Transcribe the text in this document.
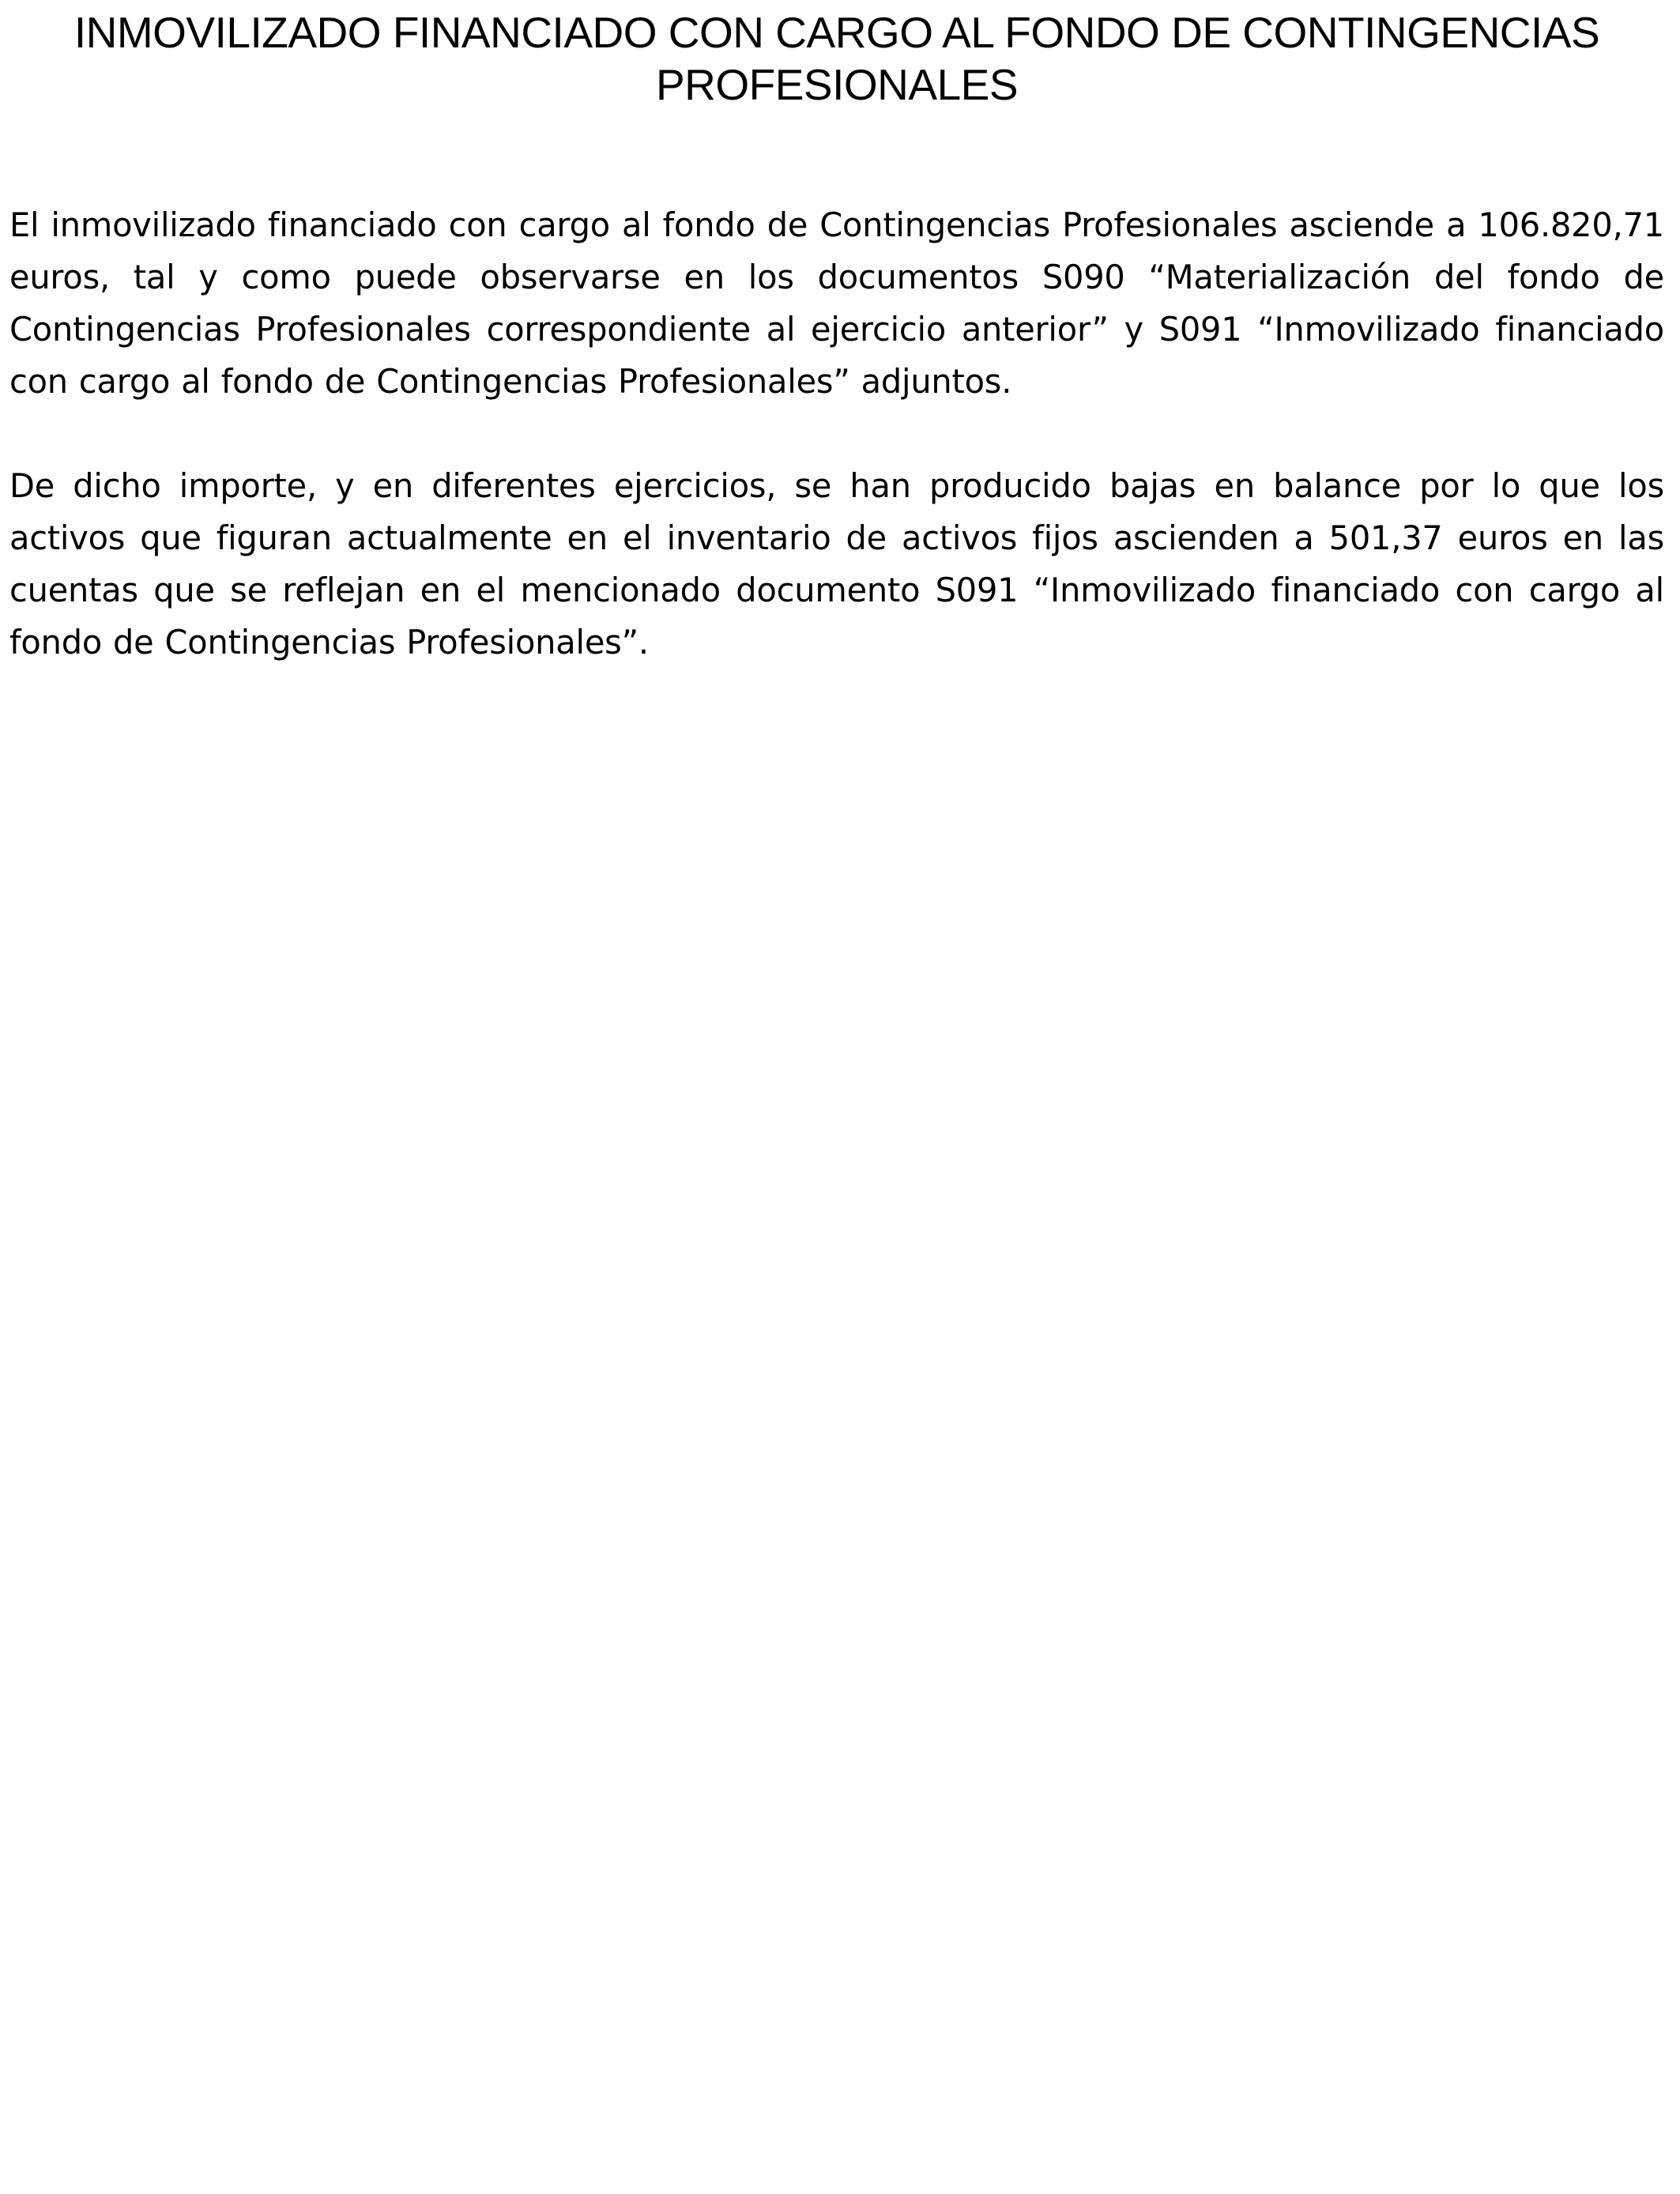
INMOVILIZADO FINANCIADO CON CARGO AL FONDO DE CONTINGENCIAS
PROFESIONALES

El inmovilizado financiado con cargo al fondo de Contingencias Profesionales asciende a 106.820,71 euros, tal y como puede observarse en los documentos S090 “Materialización del fondo de Contingencias Profesionales correspondiente al ejercicio anterior” y S091 “Inmovilizado financiado con cargo al fondo de Contingencias Profesionales” adjuntos.

De dicho importe, y en diferentes ejercicios, se han producido bajas en balance por lo que los activos que figuran actualmente en el inventario de activos fijos ascienden a 501,37 euros en las cuentas que se reflejan en el mencionado documento S091 “Inmovilizado financiado con cargo al fondo de Contingencias Profesionales”.
